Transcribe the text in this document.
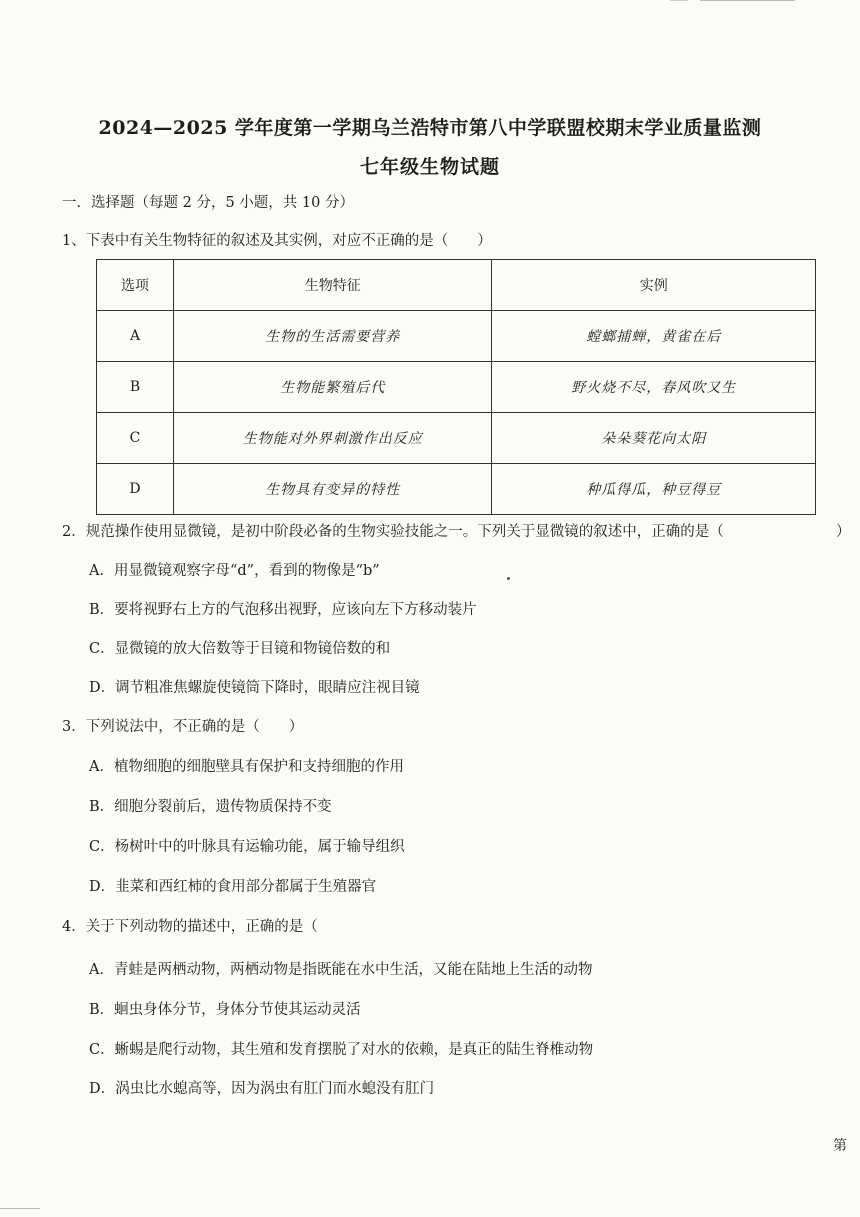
2024—2025 学年度第一学期乌兰浩特市第八中学联盟校期末学业质量监测
七年级生物试题
一．选择题（每题 2 分，5 小题，共 10 分）
1、下表中有关生物特征的叙述及其实例，对应不正确的是（　　）
选项	生物特征	实例
A	生物的生活需要营养	螳螂捕蝉，黄雀在后
B	生物能繁殖后代	野火烧不尽，春风吹又生
C	生物能对外界刺激作出反应	朵朵葵花向太阳
D	生物具有变异的特性	种瓜得瓜，种豆得豆
2．规范操作使用显微镜，是初中阶段必备的生物实验技能之一。下列关于显微镜的叙述中，正确的是（	）
A．用显微镜观察字母“d”，看到的物像是“b”
B．要将视野右上方的气泡移出视野，应该向左下方移动装片
C．显微镜的放大倍数等于目镜和物镜倍数的和
D．调节粗准焦螺旋使镜筒下降时，眼睛应注视目镜
3．下列说法中，不正确的是（　　）
A．植物细胞的细胞壁具有保护和支持细胞的作用
B．细胞分裂前后，遗传物质保持不变
C．杨树叶中的叶脉具有运输功能，属于输导组织
D．韭菜和西红柿的食用部分都属于生殖器官
4．关于下列动物的描述中，正确的是（
A．青蛙是两栖动物，两栖动物是指既能在水中生活，又能在陆地上生活的动物
B．蛔虫身体分节，身体分节使其运动灵活
C．蜥蜴是爬行动物，其生殖和发育摆脱了对水的依赖，是真正的陆生脊椎动物
D．涡虫比水螅高等，因为涡虫有肛门而水螅没有肛门
第
